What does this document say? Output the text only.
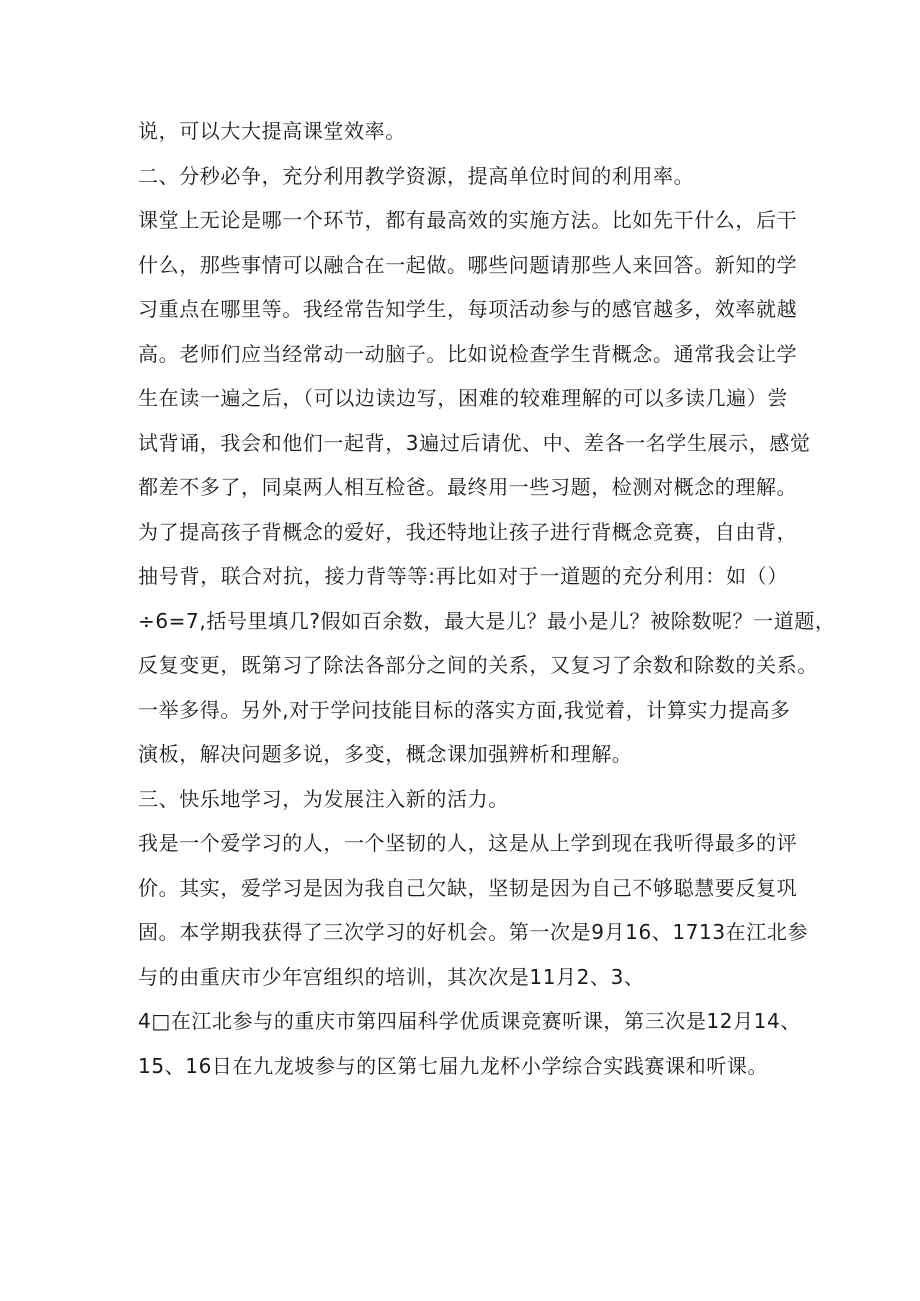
说，可以大大提高课堂效率。
二、分秒必争，充分利用教学资源，提高单位时间的利用率。
课堂上无论是哪一个环节，都有最高效的实施方法。比如先干什么，后干
什么，那些事情可以融合在一起做。哪些问题请那些人来回答。新知的学
习重点在哪里等。我经常告知学生，每项活动参与的感官越多，效率就越
高。老师们应当经常动一动脑子。比如说检查学生背概念。通常我会让学
生在读一遍之后，（可以边读边写，困难的较难理解的可以多读几遍）尝
试背诵，我会和他们一起背，3遍过后请优、中、差各一名学生展示，感觉
都差不多了，同桌两人相互检爸。最终用一些习题，检测对概念的理解。
为了提高孩子背概念的爱好，我还特地让孩子进行背概念竞赛，自由背，
抽号背，联合对抗，接力背等等:再比如对于一道题的充分利用：如（）
÷6=7,括号里填几?假如百余数，最大是儿？最小是儿？被除数呢？一道题，
反复变更，既第习了除法各部分之间的关系，又复习了余数和除数的关系。
一举多得。另外,对于学问技能目标的落实方面,我觉着，计算实力提高多
演板，解决问题多说，多变，概念课加强辨析和理解。
三、快乐地学习，为发展注入新的活力。
我是一个爱学习的人，一个坚韧的人，这是从上学到现在我听得最多的评
价。其实，爱学习是因为我自己欠缺，坚韧是因为自己不够聪慧要反复巩
固。本学期我获得了三次学习的好机会。第一次是9月16、1713在江北参
与的由重庆市少年宫组织的培训，其次次是11月2、3、
4□在江北参与的重庆市第四届科学优质课竞赛听课，第三次是12月14、
15、16日在九龙坡参与的区第七届九龙杯小学综合实践赛课和听课。
